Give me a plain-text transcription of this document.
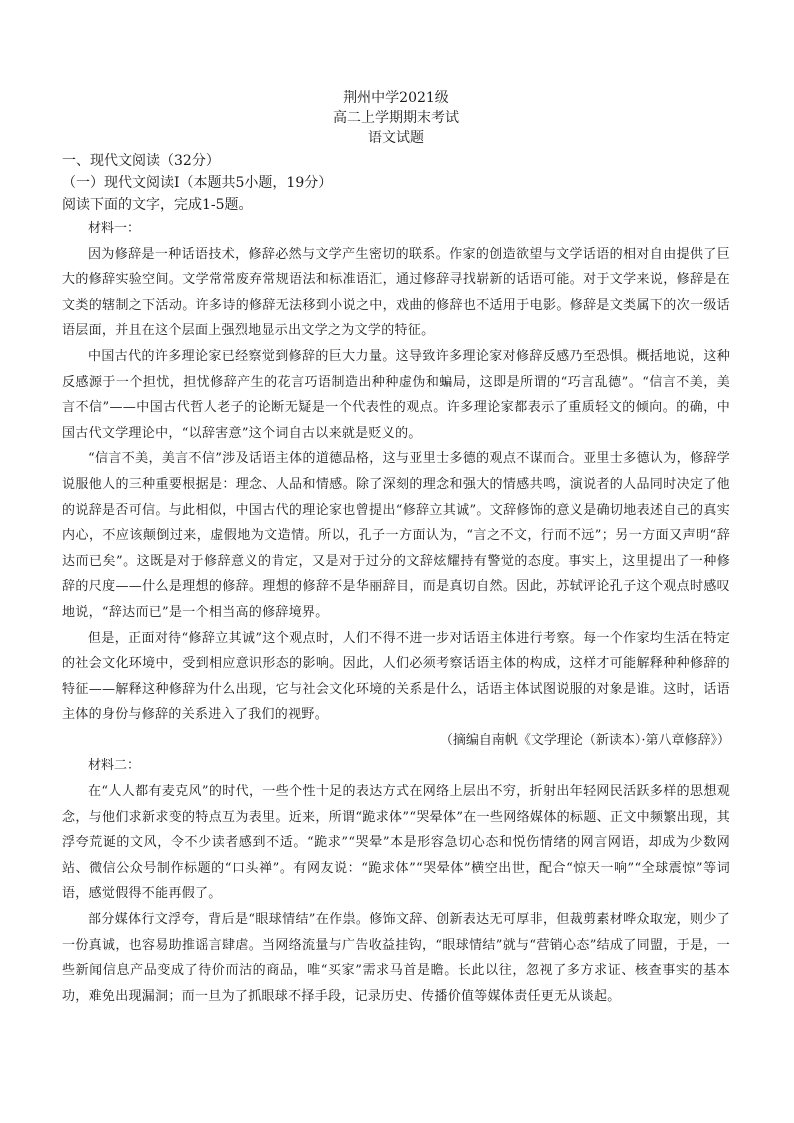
荆州中学2021级
高二上学期期末考试
语文试题

一、现代文阅读（32分）

（一）现代文阅读Ⅰ（本题共5小题，19分）

阅读下面的文字，完成1-5题。

材料一：

因为修辞是一种话语技术，修辞必然与文学产生密切的联系。作家的创造欲望与文学话语的相对自由提供了巨大的修辞实验空间。文学常常废弃常规语法和标准语汇，通过修辞寻找崭新的话语可能。对于文学来说，修辞是在文类的辖制之下活动。许多诗的修辞无法移到小说之中，戏曲的修辞也不适用于电影。修辞是文类属下的次一级话语层面，并且在这个层面上强烈地显示出文学之为文学的特征。

中国古代的许多理论家已经察觉到修辞的巨大力量。这导致许多理论家对修辞反感乃至恐惧。概括地说，这种反感源于一个担忧，担忧修辞产生的花言巧语制造出种种虚伪和蝙局，这即是所谓的“巧言乱德”。“信言不美，美言不信”——中国古代哲人老子的论断无疑是一个代表性的观点。许多理论家都表示了重质轻文的倾向。的确，中国古代文学理论中，“以辞害意”这个词自古以来就是贬义的。

“信言不美，美言不信”涉及话语主体的道德品格，这与亚里士多德的观点不谋而合。亚里士多德认为，修辞学说服他人的三种重要根据是：理念、人品和情感。除了深刻的理念和强大的情感共鸣，演说者的人品同时决定了他的说辞是否可信。与此相似，中国古代的理论家也曾提出“修辞立其诚”。文辞修饰的意义是确切地表述自己的真实内心，不应该颠倒过来，虚假地为文造情。所以，孔子一方面认为，“言之不文，行而不远”；另一方面又声明“辞达而已矣”。这既是对于修辞意义的肯定，又是对于过分的文辞炫耀持有警觉的态度。事实上，这里提出了一种修辞的尺度——什么是理想的修辞。理想的修辞不是华丽辞目，而是真切自然。因此，苏轼评论孔子这个观点时感叹地说，“辞达而已”是一个相当高的修辞境界。

但是，正面对待“修辞立其诚”这个观点时，人们不得不进一步对话语主体进行考察。每一个作家均生活在特定的社会文化环境中，受到相应意识形态的影响。因此，人们必须考察话语主体的构成，这样才可能解释种种修辞的特征——解释这种修辞为什么出现，它与社会文化环境的关系是什么，话语主体试图说服的对象是谁。这时，话语主体的身份与修辞的关系进入了我们的视野。

（摘编自南帆《文学理论（新读本）·第八章修辞》）

材料二：

在“人人都有麦克风”的时代，一些个性十足的表达方式在网络上层出不穷，折射出年轻网民活跃多样的思想观念，与他们求新求变的特点互为表里。近来，所谓“跪求体”“哭晕体”在一些网络媒体的标题、正文中频繁出现，其浮夸荒诞的文风，令不少读者感到不适。“跪求”“哭晕”本是形容急切心态和悦伤情绪的网言网语，却成为少数网站、微信公众号制作标题的“口头禅”。有网友说：“跪求体”“哭晕体”横空出世，配合“惊天一响”“全球震惊”等词语，感觉假得不能再假了。

部分媒体行文浮夸，背后是“眼球情结”在作祟。修饰文辞、创新表达无可厚非，但裁剪素材哗众取宠，则少了一份真诚，也容易助推谣言肆虐。当网络流量与广告收益挂钩，“眼球情结”就与“营销心态”结成了同盟，于是，一些新闻信息产品变成了待价而沽的商品，唯“买家”需求马首是瞻。长此以往，忽视了多方求证、核查事实的基本功，难免出现漏洞；而一旦为了抓眼球不择手段，记录历史、传播价值等媒体责任更无从谈起。
